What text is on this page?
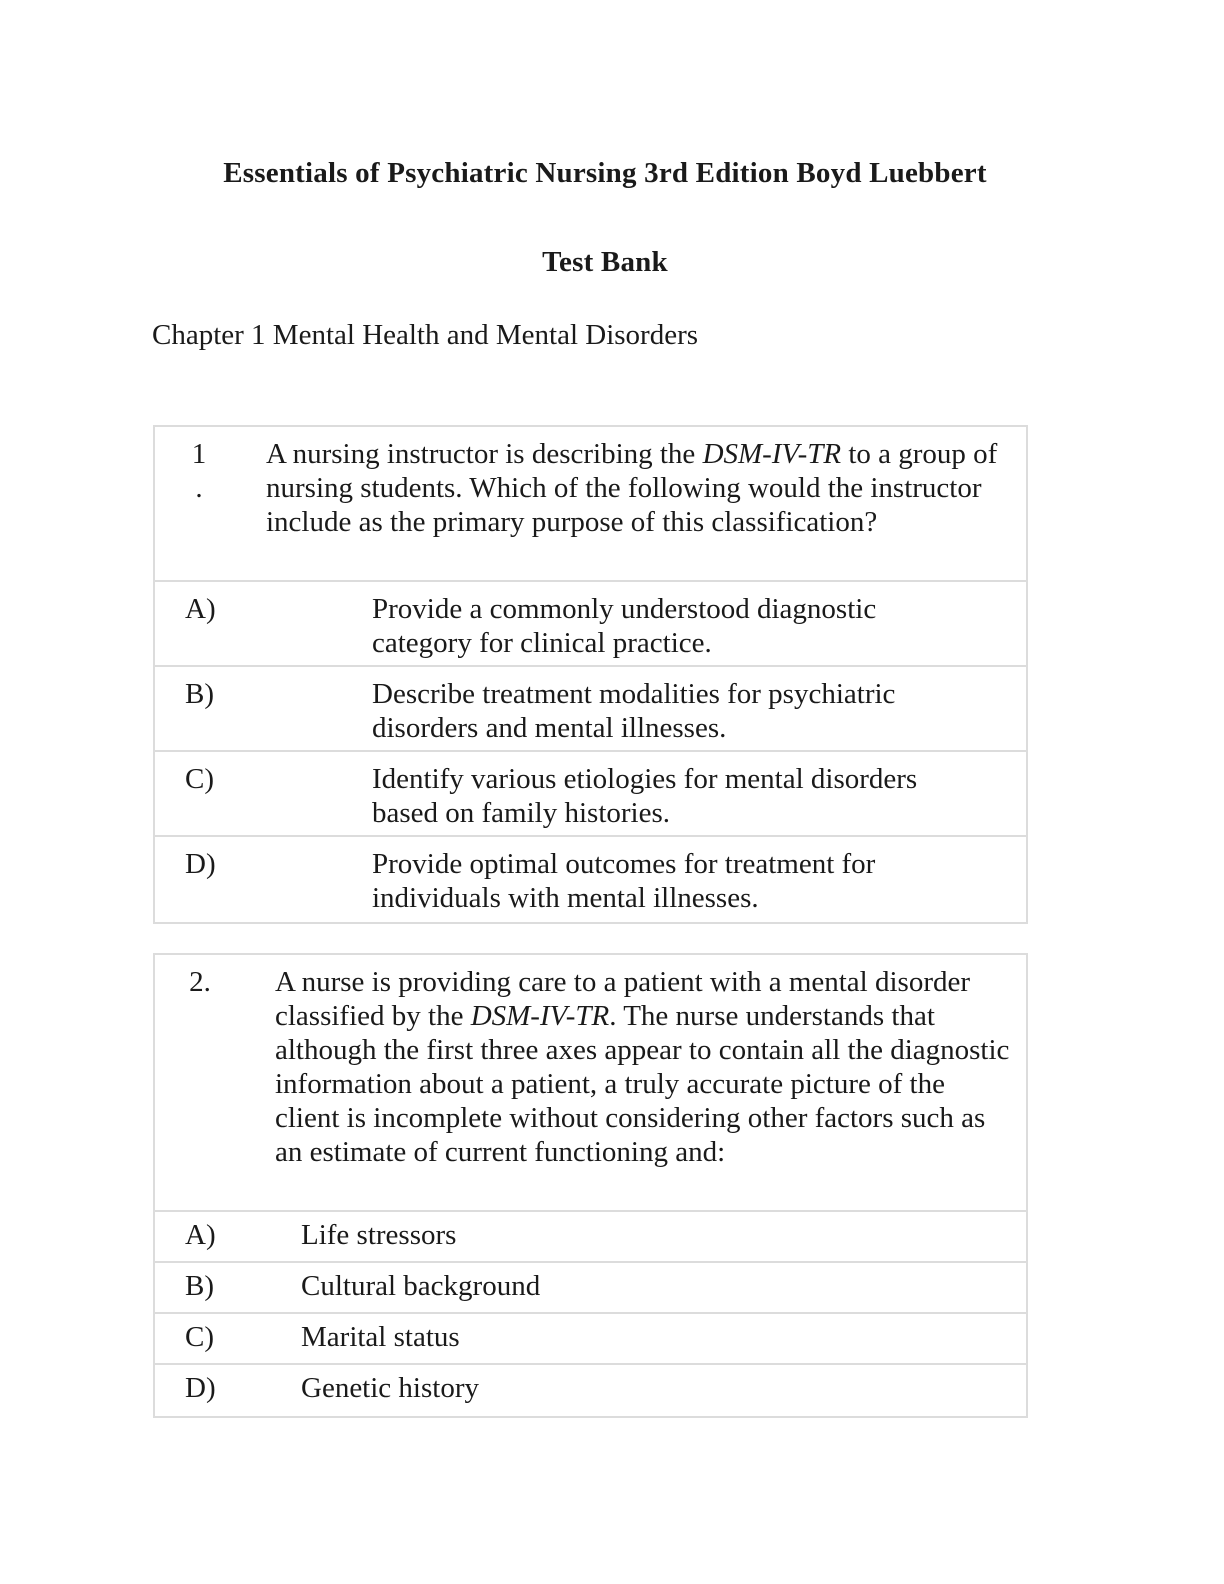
Essentials of Psychiatric Nursing 3rd Edition Boyd Luebbert
Test Bank
Chapter 1 Mental Health and Mental Disorders
1
.
A nursing instructor is describing the DSM-IV-TR to a group of nursing students. Which of the following would the instructor include as the primary purpose of this classification?
A)	Provide a commonly understood diagnostic category for clinical practice.
B)	Describe treatment modalities for psychiatric disorders and mental illnesses.
C)	Identify various etiologies for mental disorders based on family histories.
D)	Provide optimal outcomes for treatment for individuals with mental illnesses.
2.	A nurse is providing care to a patient with a mental disorder classified by the DSM-IV-TR. The nurse understands that although the first three axes appear to contain all the diagnostic information about a patient, a truly accurate picture of the client is incomplete without considering other factors such as an estimate of current functioning and:
A)	Life stressors
B)	Cultural background
C)	Marital status
D)	Genetic history
